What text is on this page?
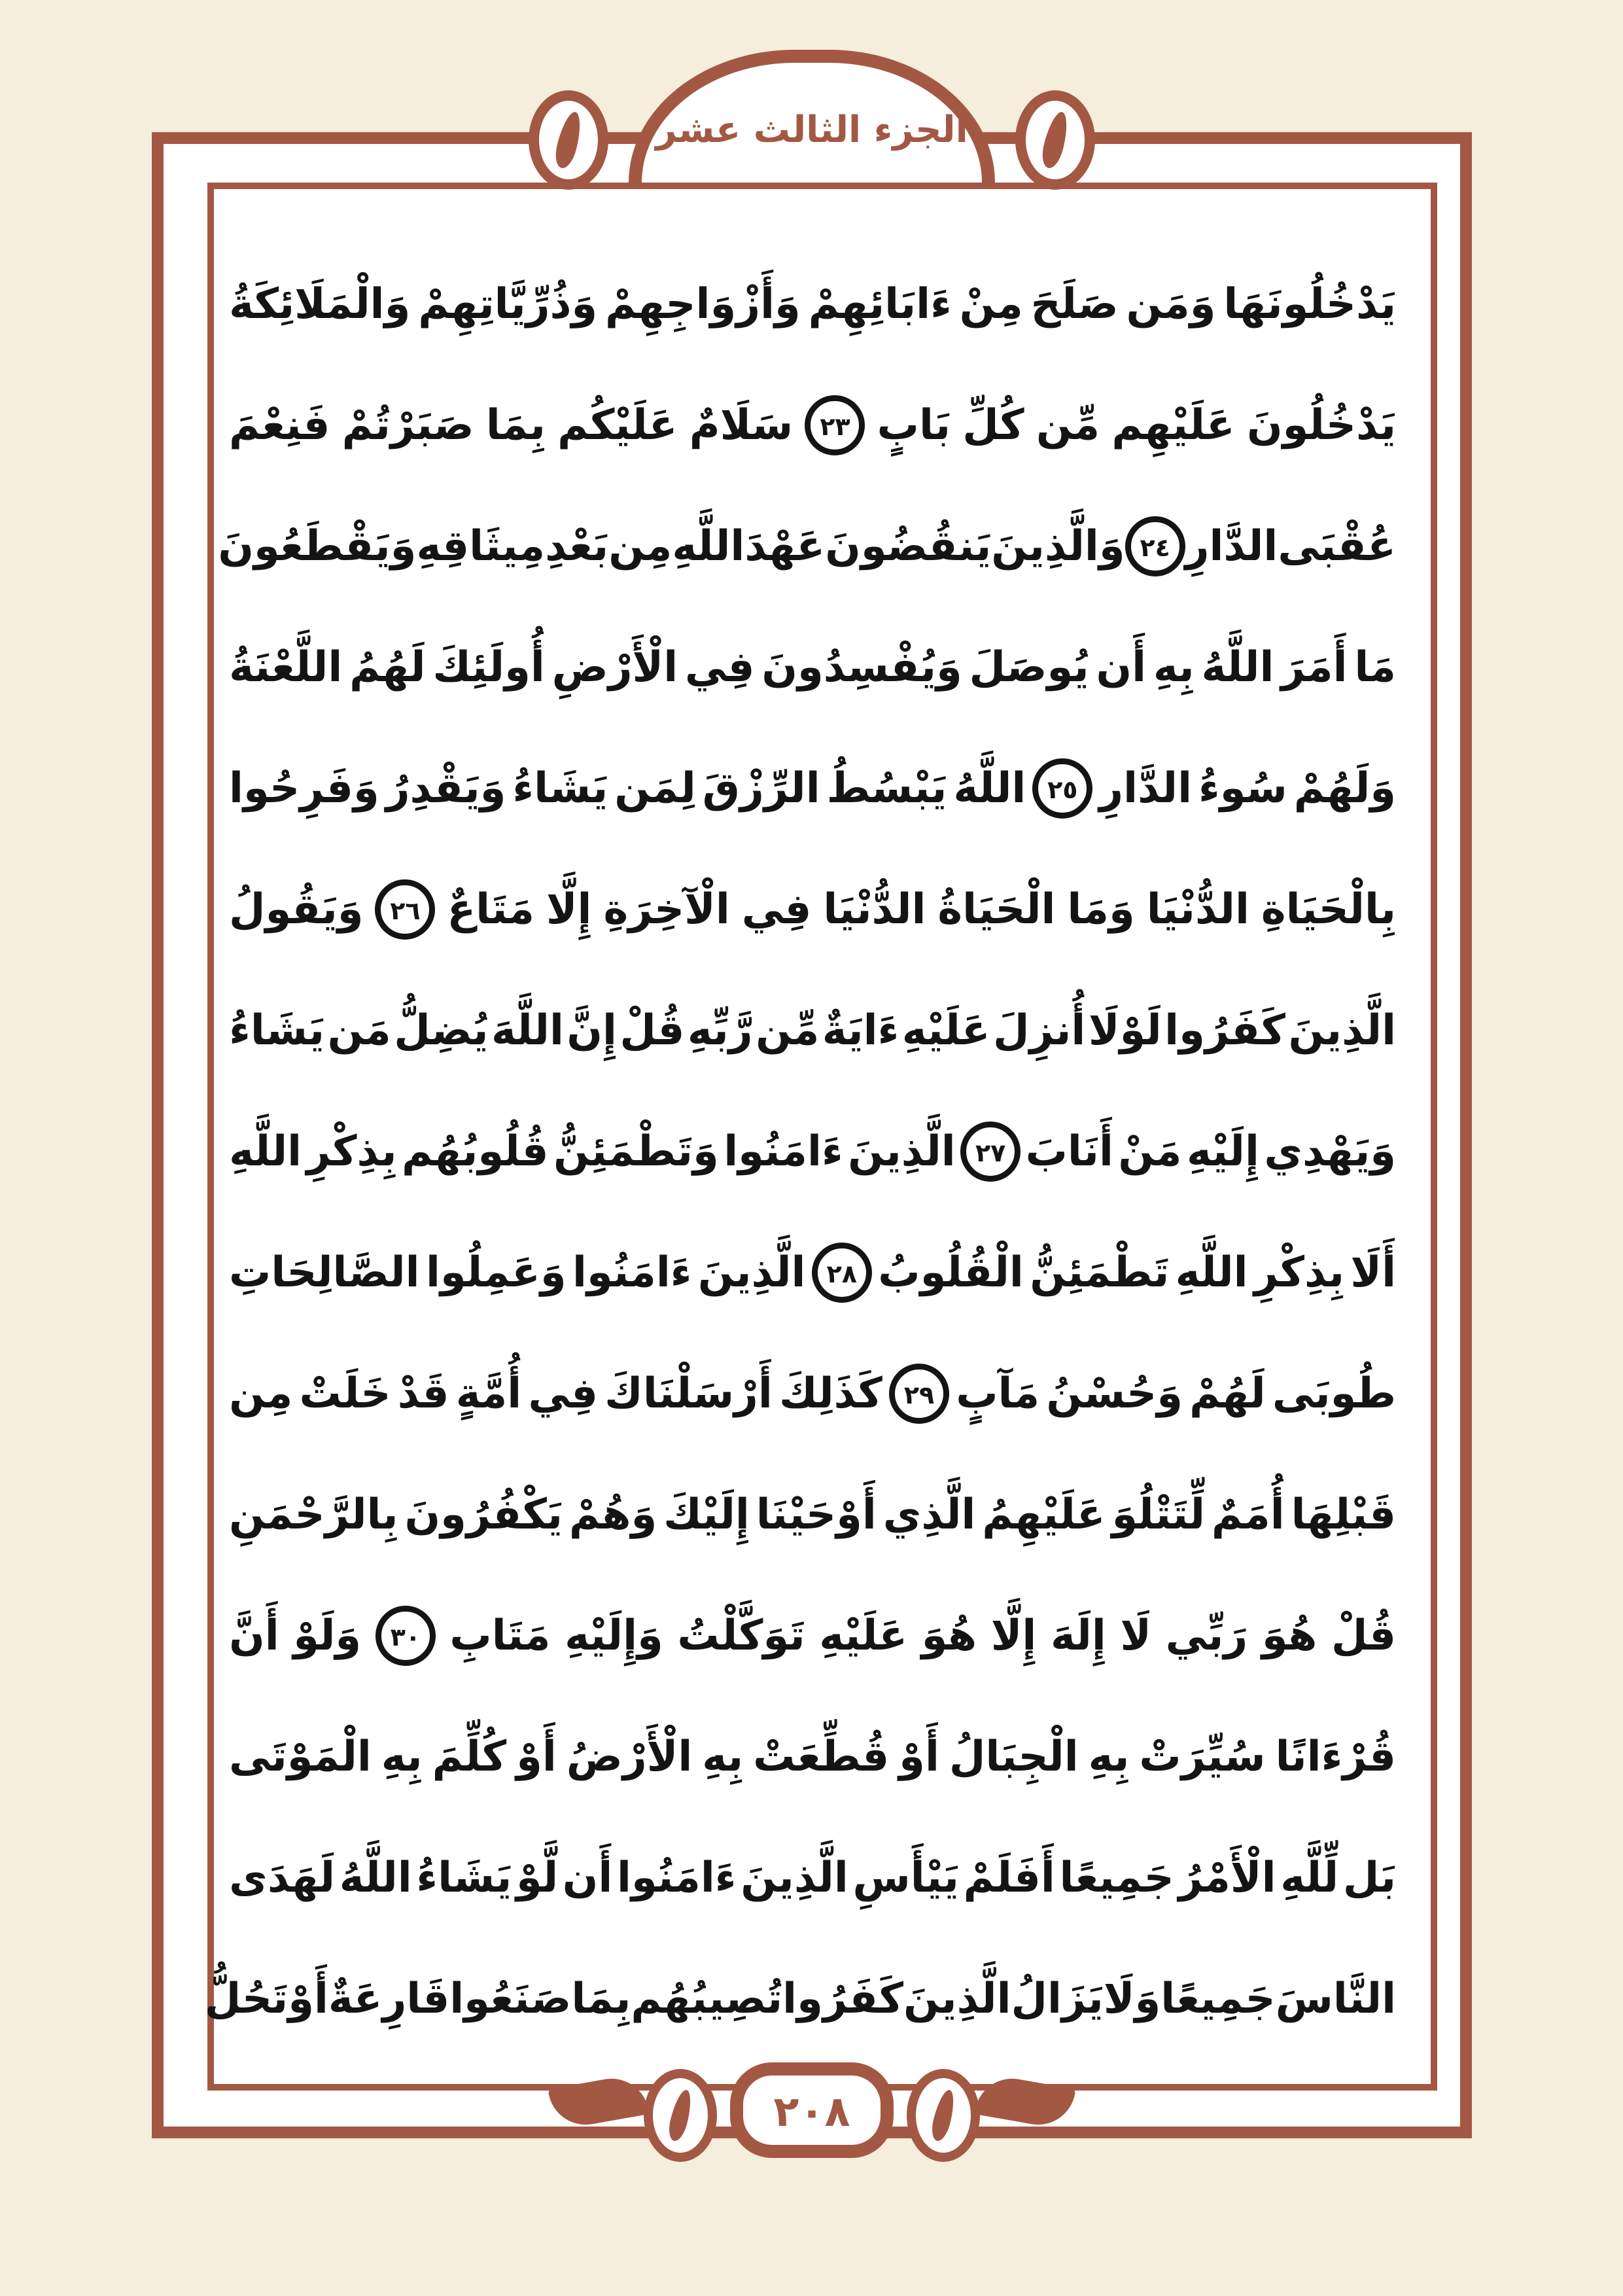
الجزء الثالث عشر
يَدْخُلُونَهَا
وَمَن
صَلَحَ
مِنْ
ءَابَائِهِمْ
وَأَزْوَاجِهِمْ
وَذُرِّيَّاتِهِمْ
وَالْمَلَائِكَةُ
يَدْخُلُونَ
عَلَيْهِم
مِّن
كُلِّ
بَابٍ
٢٣
سَلَامٌ
عَلَيْكُم
بِمَا
صَبَرْتُمْ
فَنِعْمَ
عُقْبَى
الدَّارِ
٢٤
وَالَّذِينَ
يَنقُضُونَ
عَهْدَ
اللَّهِ
مِن
بَعْدِ
مِيثَاقِهِ
وَيَقْطَعُونَ
مَا
أَمَرَ
اللَّهُ
بِهِ
أَن
يُوصَلَ
وَيُفْسِدُونَ
فِي
الْأَرْضِ
أُولَئِكَ
لَهُمُ
اللَّعْنَةُ
وَلَهُمْ
سُوءُ
الدَّارِ
٢٥
اللَّهُ
يَبْسُطُ
الرِّزْقَ
لِمَن
يَشَاءُ
وَيَقْدِرُ
وَفَرِحُوا
بِالْحَيَاةِ
الدُّنْيَا
وَمَا
الْحَيَاةُ
الدُّنْيَا
فِي
الْآخِرَةِ
إِلَّا
مَتَاعٌ
٢٦
وَيَقُولُ
الَّذِينَ
كَفَرُوا
لَوْلَا
أُنزِلَ
عَلَيْهِ
ءَايَةٌ
مِّن
رَّبِّهِ
قُلْ
إِنَّ
اللَّهَ
يُضِلُّ
مَن
يَشَاءُ
وَيَهْدِي
إِلَيْهِ
مَنْ
أَنَابَ
٢٧
الَّذِينَ
ءَامَنُوا
وَتَطْمَئِنُّ
قُلُوبُهُم
بِذِكْرِ
اللَّهِ
أَلَا
بِذِكْرِ
اللَّهِ
تَطْمَئِنُّ
الْقُلُوبُ
٢٨
الَّذِينَ
ءَامَنُوا
وَعَمِلُوا
الصَّالِحَاتِ
طُوبَى
لَهُمْ
وَحُسْنُ
مَآبٍ
٢٩
كَذَلِكَ
أَرْسَلْنَاكَ
فِي
أُمَّةٍ
قَدْ
خَلَتْ
مِن
قَبْلِهَا
أُمَمٌ
لِّتَتْلُوَ
عَلَيْهِمُ
الَّذِي
أَوْحَيْنَا
إِلَيْكَ
وَهُمْ
يَكْفُرُونَ
بِالرَّحْمَنِ
قُلْ
هُوَ
رَبِّي
لَا
إِلَهَ
إِلَّا
هُوَ
عَلَيْهِ
تَوَكَّلْتُ
وَإِلَيْهِ
مَتَابِ
٣٠
وَلَوْ
أَنَّ
قُرْءَانًا
سُيِّرَتْ
بِهِ
الْجِبَالُ
أَوْ
قُطِّعَتْ
بِهِ
الْأَرْضُ
أَوْ
كُلِّمَ
بِهِ
الْمَوْتَى
بَل
لِّلَّهِ
الْأَمْرُ
جَمِيعًا
أَفَلَمْ
يَيْأَسِ
الَّذِينَ
ءَامَنُوا
أَن
لَّوْ
يَشَاءُ
اللَّهُ
لَهَدَى
النَّاسَ
جَمِيعًا
وَلَا
يَزَالُ
الَّذِينَ
كَفَرُوا
تُصِيبُهُم
بِمَا
صَنَعُوا
قَارِعَةٌ
أَوْ
تَحُلُّ
٢٠٨
